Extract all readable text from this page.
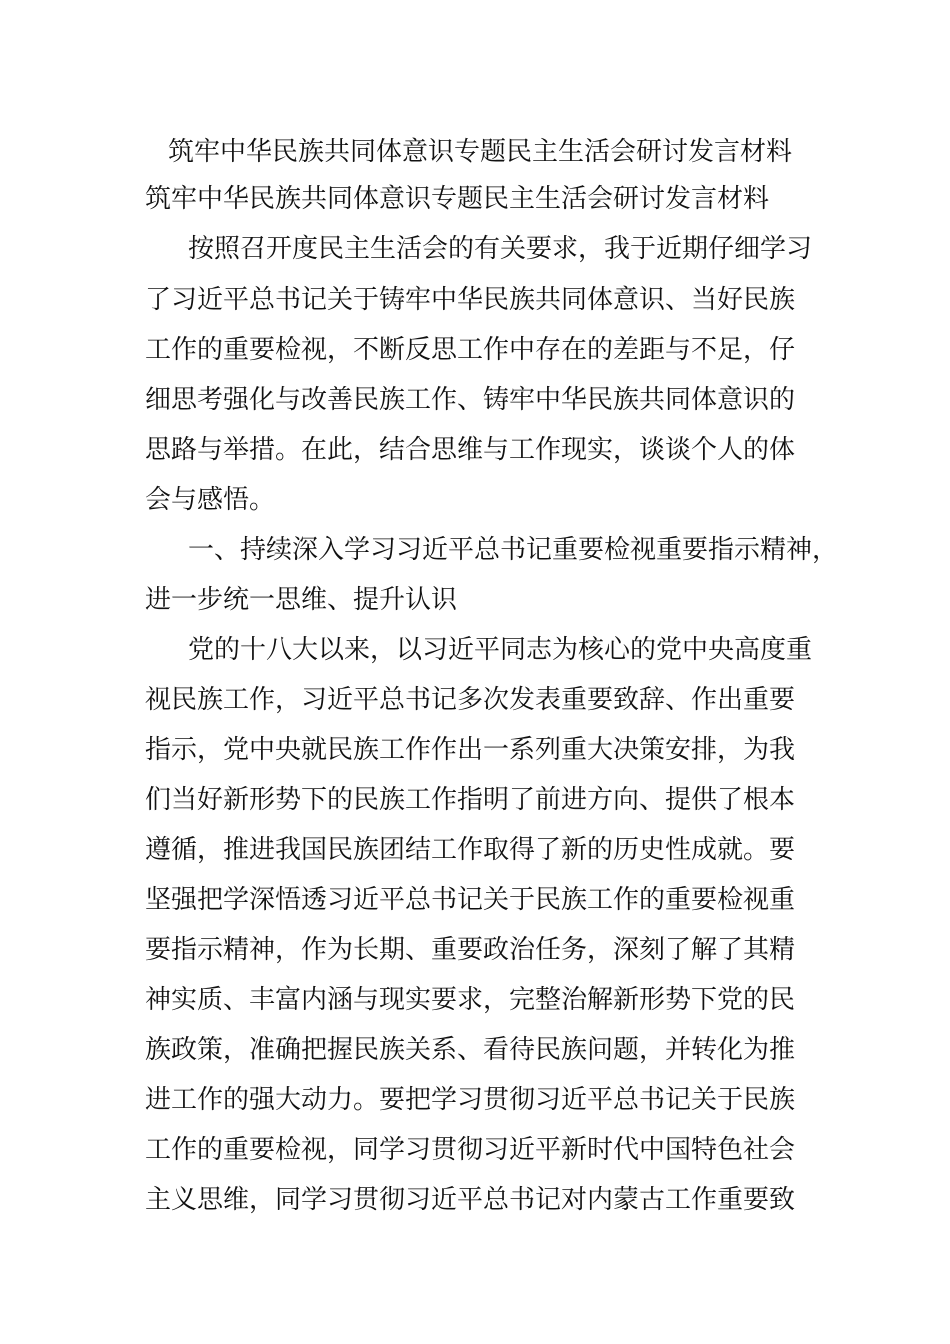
筑牢中华民族共同体意识专题民主生活会研讨发言材料
筑牢中华民族共同体意识专题民主生活会研讨发言材料
按照召开度民主生活会的有关要求，我于近期仔细学习
了习近平总书记关于铸牢中华民族共同体意识、当好民族
工作的重要检视，不断反思工作中存在的差距与不足，仔
细思考强化与改善民族工作、铸牢中华民族共同体意识的
思路与举措。在此，结合思维与工作现实，谈谈个人的体
会与感悟。
一、持续深入学习习近平总书记重要检视重要指示精神，
进一步统一思维、提升认识
党的十八大以来，以习近平同志为核心的党中央高度重
视民族工作，习近平总书记多次发表重要致辞、作出重要
指示，党中央就民族工作作出一系列重大决策安排，为我
们当好新形势下的民族工作指明了前进方向、提供了根本
遵循，推进我国民族团结工作取得了新的历史性成就。要
坚强把学深悟透习近平总书记关于民族工作的重要检视重
要指示精神，作为长期、重要政治任务，深刻了解了其精
神实质、丰富内涵与现实要求，完整治解新形势下党的民
族政策，准确把握民族关系、看待民族问题，并转化为推
进工作的强大动力。要把学习贯彻习近平总书记关于民族
工作的重要检视，同学习贯彻习近平新时代中国特色社会
主义思维，同学习贯彻习近平总书记对内蒙古工作重要致
